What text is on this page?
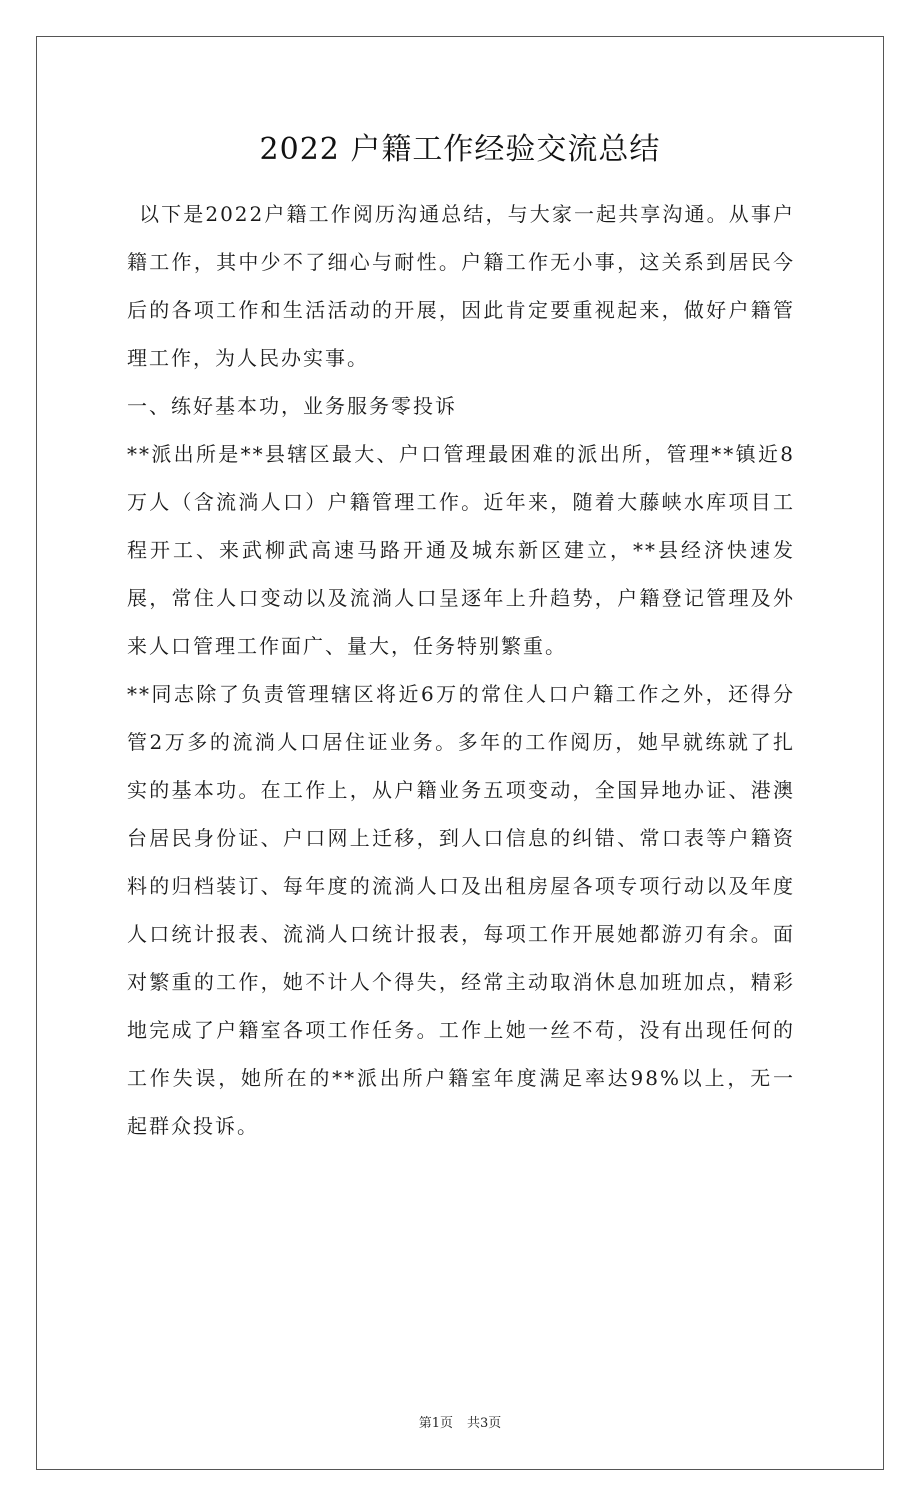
2022 户籍工作经验交流总结

以下是2022户籍工作阅历沟通总结，与大家一起共享沟通。从事户籍工作，其中少不了细心与耐性。户籍工作无小事，这关系到居民今后的各项工作和生活活动的开展，因此肯定要重视起来，做好户籍管理工作，为人民办实事。

一、练好基本功，业务服务零投诉

**派出所是**县辖区最大、户口管理最困难的派出所，管理**镇近8万人（含流淌人口）户籍管理工作。近年来，随着大藤峡水库项目工程开工、来武柳武高速马路开通及城东新区建立，**县经济快速发展，常住人口变动以及流淌人口呈逐年上升趋势，户籍登记管理及外来人口管理工作面广、量大，任务特别繁重。

**同志除了负责管理辖区将近6万的常住人口户籍工作之外，还得分管2万多的流淌人口居住证业务。多年的工作阅历，她早就练就了扎实的基本功。在工作上，从户籍业务五项变动，全国异地办证、港澳台居民身份证、户口网上迁移，到人口信息的纠错、常口表等户籍资料的归档装订、每年度的流淌人口及出租房屋各项专项行动以及年度人口统计报表、流淌人口统计报表，每项工作开展她都游刃有余。面对繁重的工作，她不计人个得失，经常主动取消休息加班加点，精彩地完成了户籍室各项工作任务。工作上她一丝不苟，没有出现任何的工作失误，她所在的**派出所户籍室年度满足率达98%以上，无一起群众投诉。

第1页 共3页
